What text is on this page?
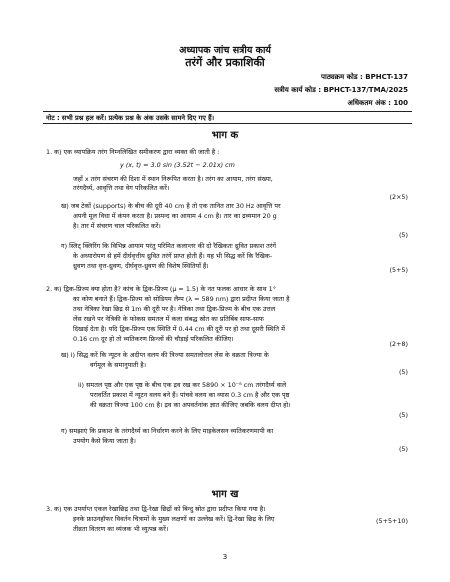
अध्यापक जांच सत्रीय कार्य
तरंगें और प्रकाशिकी
पाठ्यक्रम कोड : BPHCT-137
सत्रीय कार्य कोड : BPHCT-137/TMA/2025
अधिकतम अंक : 100
नोट : सभी प्रश्न हल करें। प्रत्येक प्रश्न के अंक उसके सामने दिए गए हैं।
भाग क
1. क) एक व्यापक्रिय तरंग निम्नलिखित समीकरण द्वारा व्यक्त की जाती है :
y (x, t) = 3.0 sin (3.52t − 2.01x) cm
जहाँ x तरंग संचरण की दिशा में स्थान निरूपित करता है। तरंग का आयाम, तरंग संख्या,
तरंगदैर्घ्य, आवृत्ति तथा वेग परिकलित करें।
(2×5)
ख) जब टेकों (supports) के बीच की दूरी 40 cm है तो एक तानित तार 30 Hz आवृत्ति पर
अपनी मूल विधा में कंपन करता है। प्रस्पन्द का आयाम 4 cm है। तार का द्रव्यमान 20 g
है। तार में संचरण चाल परिकलित करें।
(5)
ग) स्लिट् क्लिरिंग कि विभिन्न आयाम परंतु परिमित कलान्तर की दो रैखिकतः ध्रुवित प्रकाश तरंगें
के अध्यारोपण से हमें दीर्घवृत्तीय ध्रुवित तरंगें प्राप्त होती हैं। यह भी सिद्ध करें कि रैखिक-
ध्रुवण तथा वृत्त-ध्रुवण, दीर्घवृत्त-ध्रुवण की विशेष स्थितियाँ हैं।	(5+5)
2. क) द्विक-प्रिज्म क्या होता है? कांच के द्विक-प्रिज्म (μ = 1.5) के नत फलक आधार के साथ 1°
का कोण बनाते हैं। द्विक-प्रिज्म को सोडियम लैम्प (λ = 589 nm) द्वारा प्रदीप्त किया जाता है
तथा नेत्रिका रेखा छिद्र से 1m की दूरी पर है। नेत्रिका तथा द्विक-प्रिज्म के बीच एक उत्तल
लेंस रखने पर नेत्रिकी के फोकस समतल में कला संबद्ध स्रोत का प्रतिबिंब साफ-साफ
दिखाई देता है। यदि द्विक-प्रिज्म एक स्थिति में 0.44 cm की दूरी पर हो तथा दूसरी स्थिति में
0.16 cm दूर हो तो व्यतिकरण फ्रिन्जों की चौड़ाई परिकलित कीजिए।
(2+8)
ख) i) सिद्ध करें कि न्यूटन के अदीप्त वलय की त्रिज्या समतलोत्तल लेंस के वक्रता त्रिज्या के
वर्गमूल के समानुपाती है।
(5)
ii) समतल पृष्ठ और एक पृष्ठ के बीच एक द्रव रख कर 5890 × 10⁻⁸ cm तरंगदैर्घ्य वाले
परावर्तित प्रकाश में न्यूटन वलय बने हैं। पांचवे वलय का व्यास 0.3 cm है और एक पृष्ठ
की वक्रता त्रिज्या 100 cm है। द्रव का अपवर्तनांक ज्ञात कीजिए जबकि वलय दीप्त हो।
(5)
ग) समझाएं कि प्रकाश के तरंगदैर्घ्य का निर्धारण करने के लिए माइकेलसन व्यतिकरणमापी का
उपयोग कैसे किया जाता है।
(5)
भाग ख
3. क) एक उपर्याप्त एकल रेखाछिद्र तथा द्वि-रेखा छिद्रों को बिन्दु स्रोत द्वारा प्रदीप्त किया गया है।
इनके फ्राउनहॉफर विवर्तन चित्रामों के मुख्य लक्षणों का उल्लेख करें। द्वि-रेखा छिद्र के लिए
तीव्रता वितरण का व्यंजक भी व्युत्पन्न करें।
(5+5+10)
3
